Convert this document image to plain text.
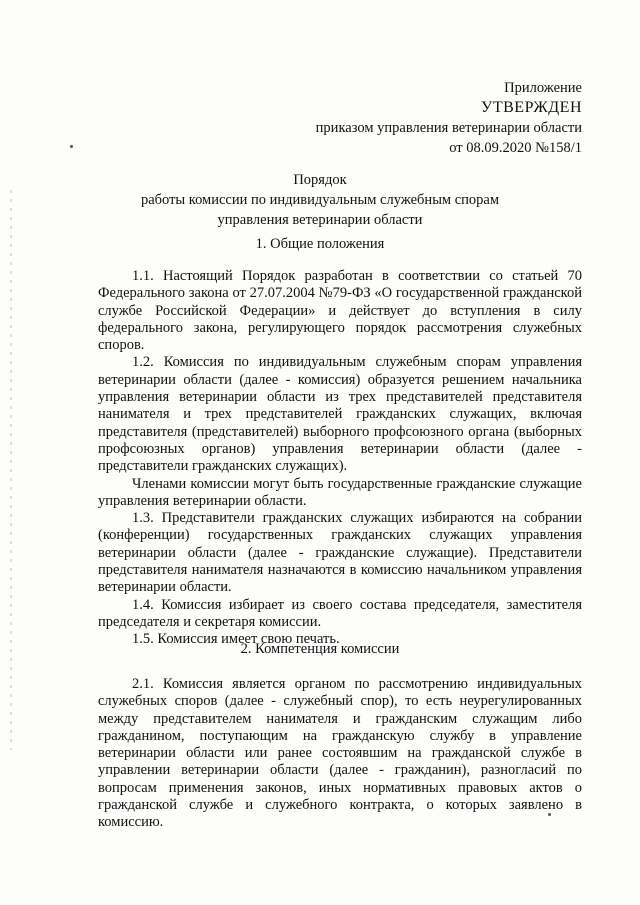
Приложение
УТВЕРЖДЕН
приказом управления ветеринарии области
от 08.09.2020 №158/1
Порядок
работы комиссии по индивидуальным служебным спорам
управления ветеринарии области
1. Общие положения

1.1. Настоящий Порядок разработан в соответствии со статьей 70 Федерального закона от 27.07.2004 №79-ФЗ «О государственной гражданской службе Российской Федерации» и действует до вступления в силу федерального закона, регулирующего порядок рассмотрения служебных споров.

1.2. Комиссия по индивидуальным служебным спорам управления ветеринарии области (далее - комиссия) образуется решением начальника управления ветеринарии области из трех представителей представителя нанимателя и трех представителей гражданских служащих, включая представителя (представителей) выборного профсоюзного органа (выборных профсоюзных органов) управления ветеринарии области (далее - представители гражданских служащих).

Членами комиссии могут быть государственные гражданские служащие управления ветеринарии области.

1.3. Представители гражданских служащих избираются на собрании (конференции) государственных гражданских служащих управления ветеринарии области (далее - гражданские служащие). Представители представителя нанимателя назначаются в комиссию начальником управления ветеринарии области.

1.4. Комиссия избирает из своего состава председателя, заместителя председателя и секретаря комиссии.

1.5. Комиссия имеет свою печать.

2. Компетенция комиссии

2.1. Комиссия является органом по рассмотрению индивидуальных служебных споров (далее - служебный спор), то есть неурегулированных между представителем нанимателя и гражданским служащим либо гражданином, поступающим на гражданскую службу в управление ветеринарии области или ранее состоявшим на гражданской службе в управлении ветеринарии области (далее - гражданин), разногласий по вопросам применения законов, иных нормативных правовых актов о гражданской службе и служебного контракта, о которых заявлено в комиссию.
